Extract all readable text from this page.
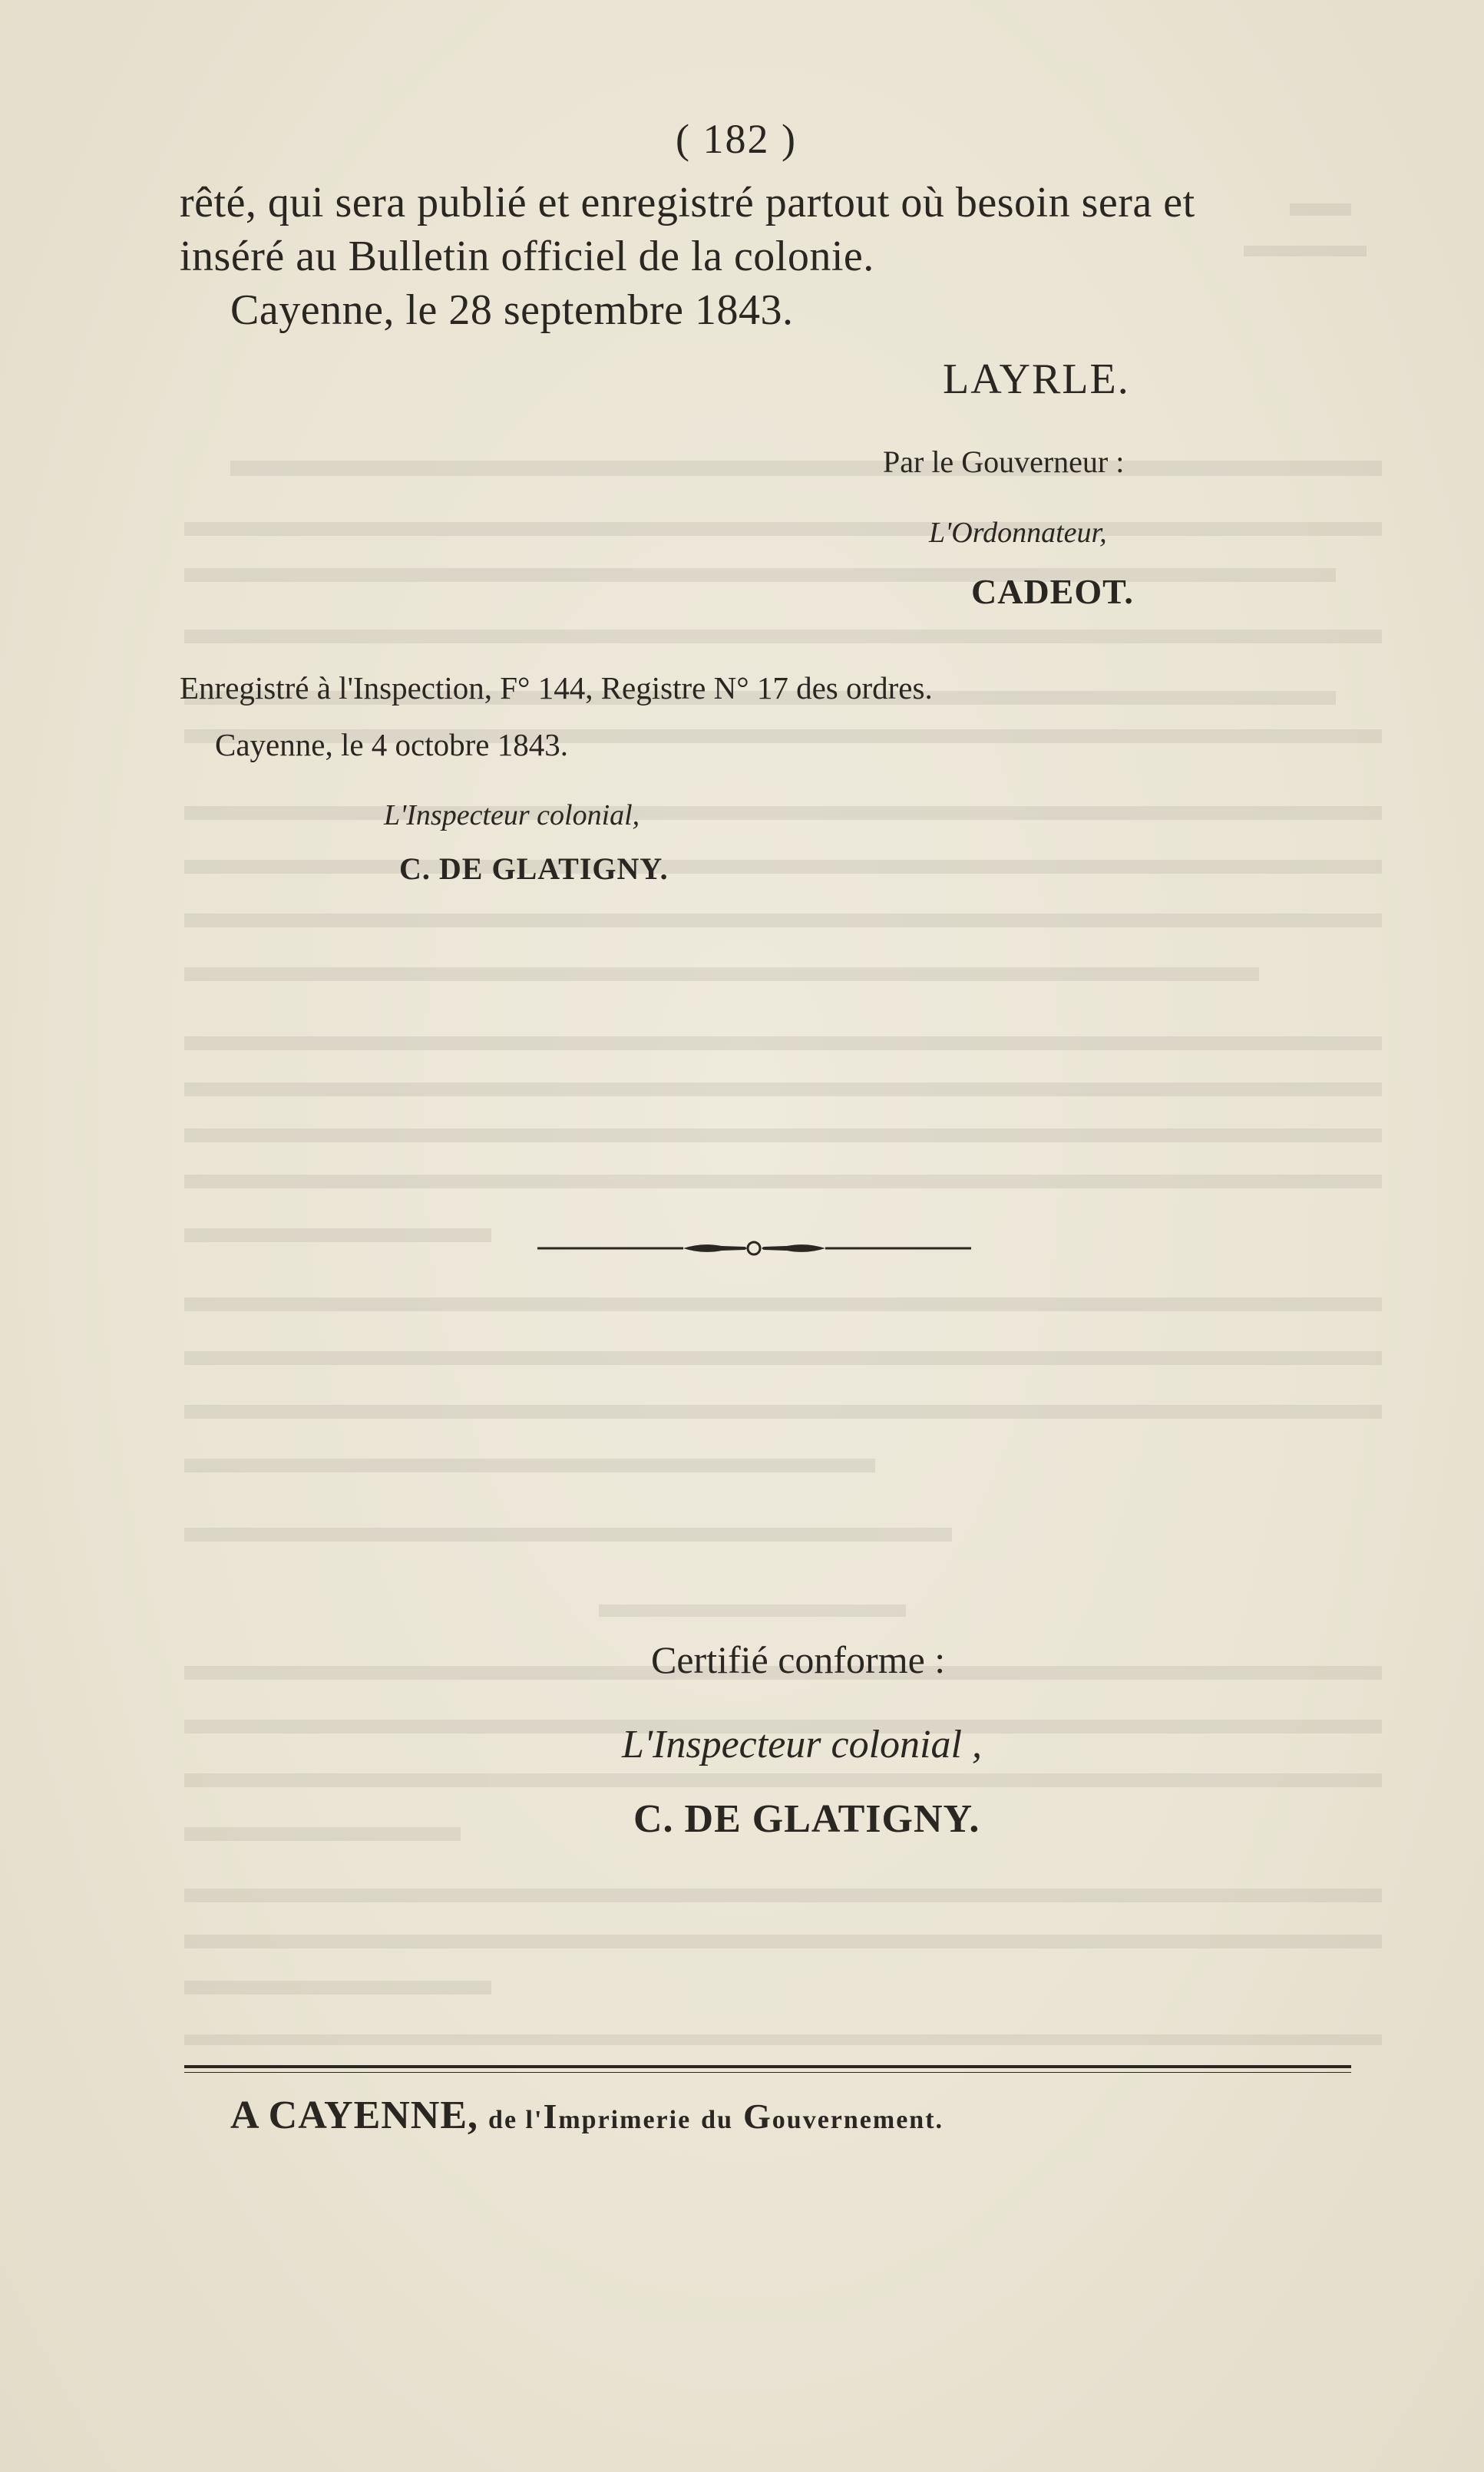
( 182 )
rêté, qui sera publié et enregistré partout où besoin sera et
inséré au Bulletin officiel de la colonie.
Cayenne, le 28 septembre 1843.
LAYRLE.
Par le Gouverneur :
L'Ordonnateur,
CADEOT.
Enregistré à l'Inspection, F° 144, Registre N° 17 des ordres.
Cayenne, le 4 octobre 1843.
L'Inspecteur colonial,
C. DE GLATIGNY.
Certifié conforme :
L'Inspecteur colonial ,
C. DE GLATIGNY.
A CAYENNE, de l'Imprimerie du Gouvernement.
